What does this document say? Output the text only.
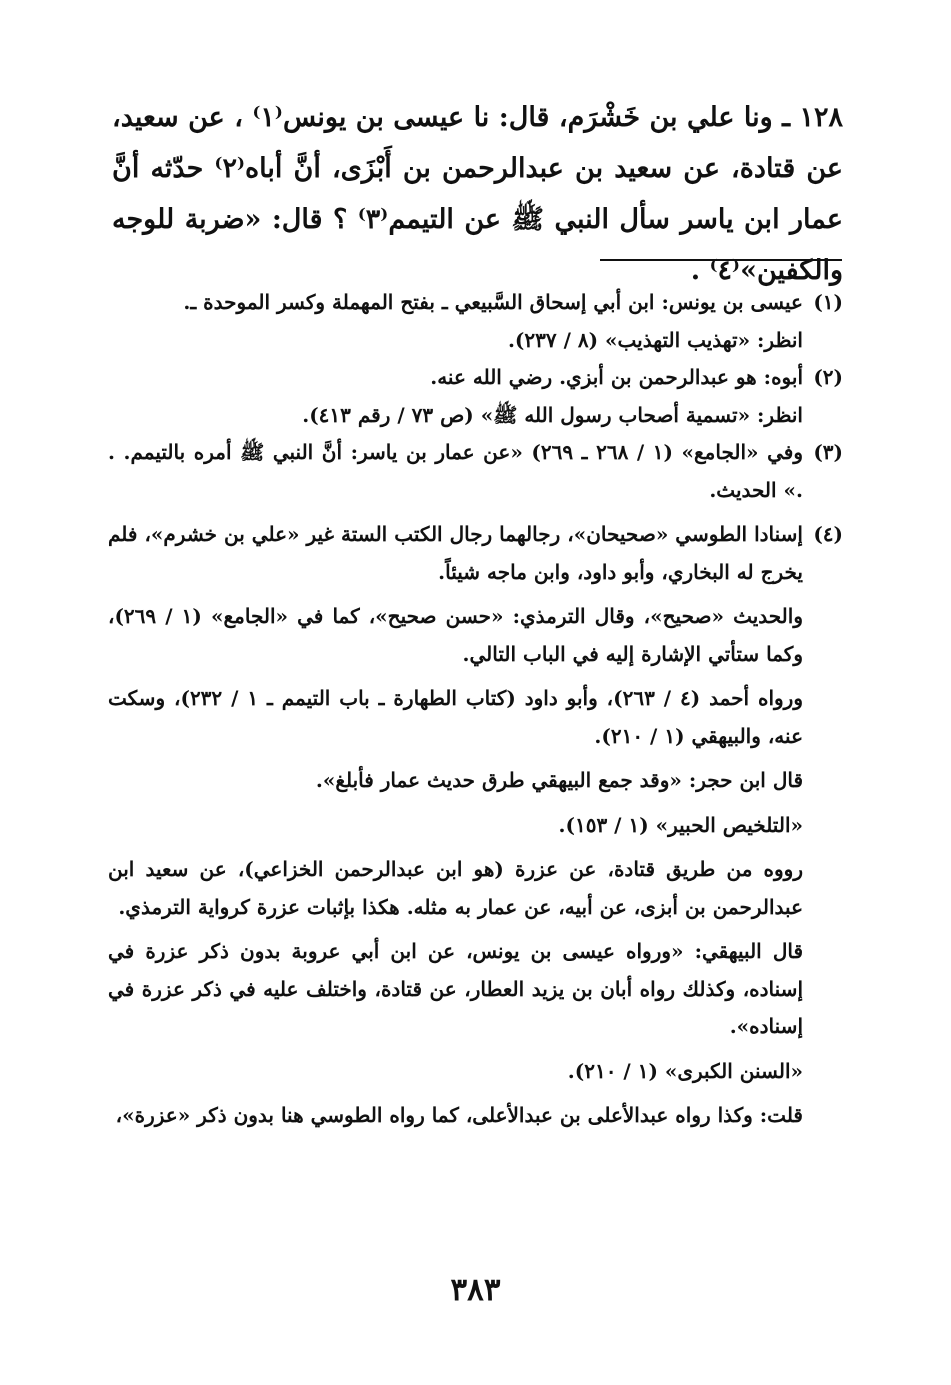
١٢٨ ـ ونا علي بن خَشْرَم، قال: نا عيسى بن يونس⁽١⁾ ، عن سعيد، عن قتادة، عن سعيد بن عبدالرحمن بن أَبْزَى، أنَّ أباه⁽٢⁾ حدّثه أنَّ عمار ابن ياسر سأل النبي ﷺ عن التيمم⁽٣⁾ ؟ قال: «ضربة للوجه والكفين»⁽٤⁾ .

(١)
عيسى بن يونس: ابن أبي إسحاق السَّبيعي ـ بفتح المهملة وكسر الموحدة ـ.

انظر: «تهذيب التهذيب» (٨ / ٢٣٧).

(٢)
أبوه: هو عبدالرحمن بن أبزي. رضي الله عنه.

انظر: «تسمية أصحاب رسول الله ﷺ» (ص ٧٣ / رقم ٤١٣).

(٣)

وفي «الجامع» (١ / ٢٦٨ ـ ٢٦٩) «عن عمار بن ياسر: أنَّ النبي ﷺ أمره بالتيمم. . .» الحديث.

(٤)

إسنادا الطوسي «صحيحان»، رجالهما رجال الكتب الستة غير «علي بن خشرم»، فلم يخرج له البخاري، وأبو داود، وابن ماجه شيئاً.

والحديث «صحيح»، وقال الترمذي: «حسن صحيح»، كما في «الجامع» (١ / ٢٦٩)، وكما ستأتي الإشارة إليه في الباب التالي.

ورواه أحمد (٤ / ٢٦٣)، وأبو داود (كتاب الطهارة ـ باب التيمم ـ ١ / ٢٣٢)، وسكت عنه، والبيهقي (١ / ٢١٠).

قال ابن حجر: «وقد جمع البيهقي طرق حديث عمار فأبلغ».

«التلخيص الحبير» (١ / ١٥٣).

رووه من طريق قتادة، عن عزرة (هو ابن عبدالرحمن الخزاعي)، عن سعيد ابن عبدالرحمن بن أبزى، عن أبيه، عن عمار به مثله. هكذا بإثبات عزرة كرواية الترمذي.

قال البيهقي: «ورواه عيسى بن يونس، عن ابن أبي عروبة بدون ذكر عزرة في إسناده، وكذلك رواه أبان بن يزيد العطار، عن قتادة، واختلف عليه في ذكر عزرة في إسناده».

«السنن الكبرى» (١ / ٢١٠).

قلت: وكذا رواه عبدالأعلى بن عبدالأعلى، كما رواه الطوسي هنا بدون ذكر «عزرة»،

٣٨٣
